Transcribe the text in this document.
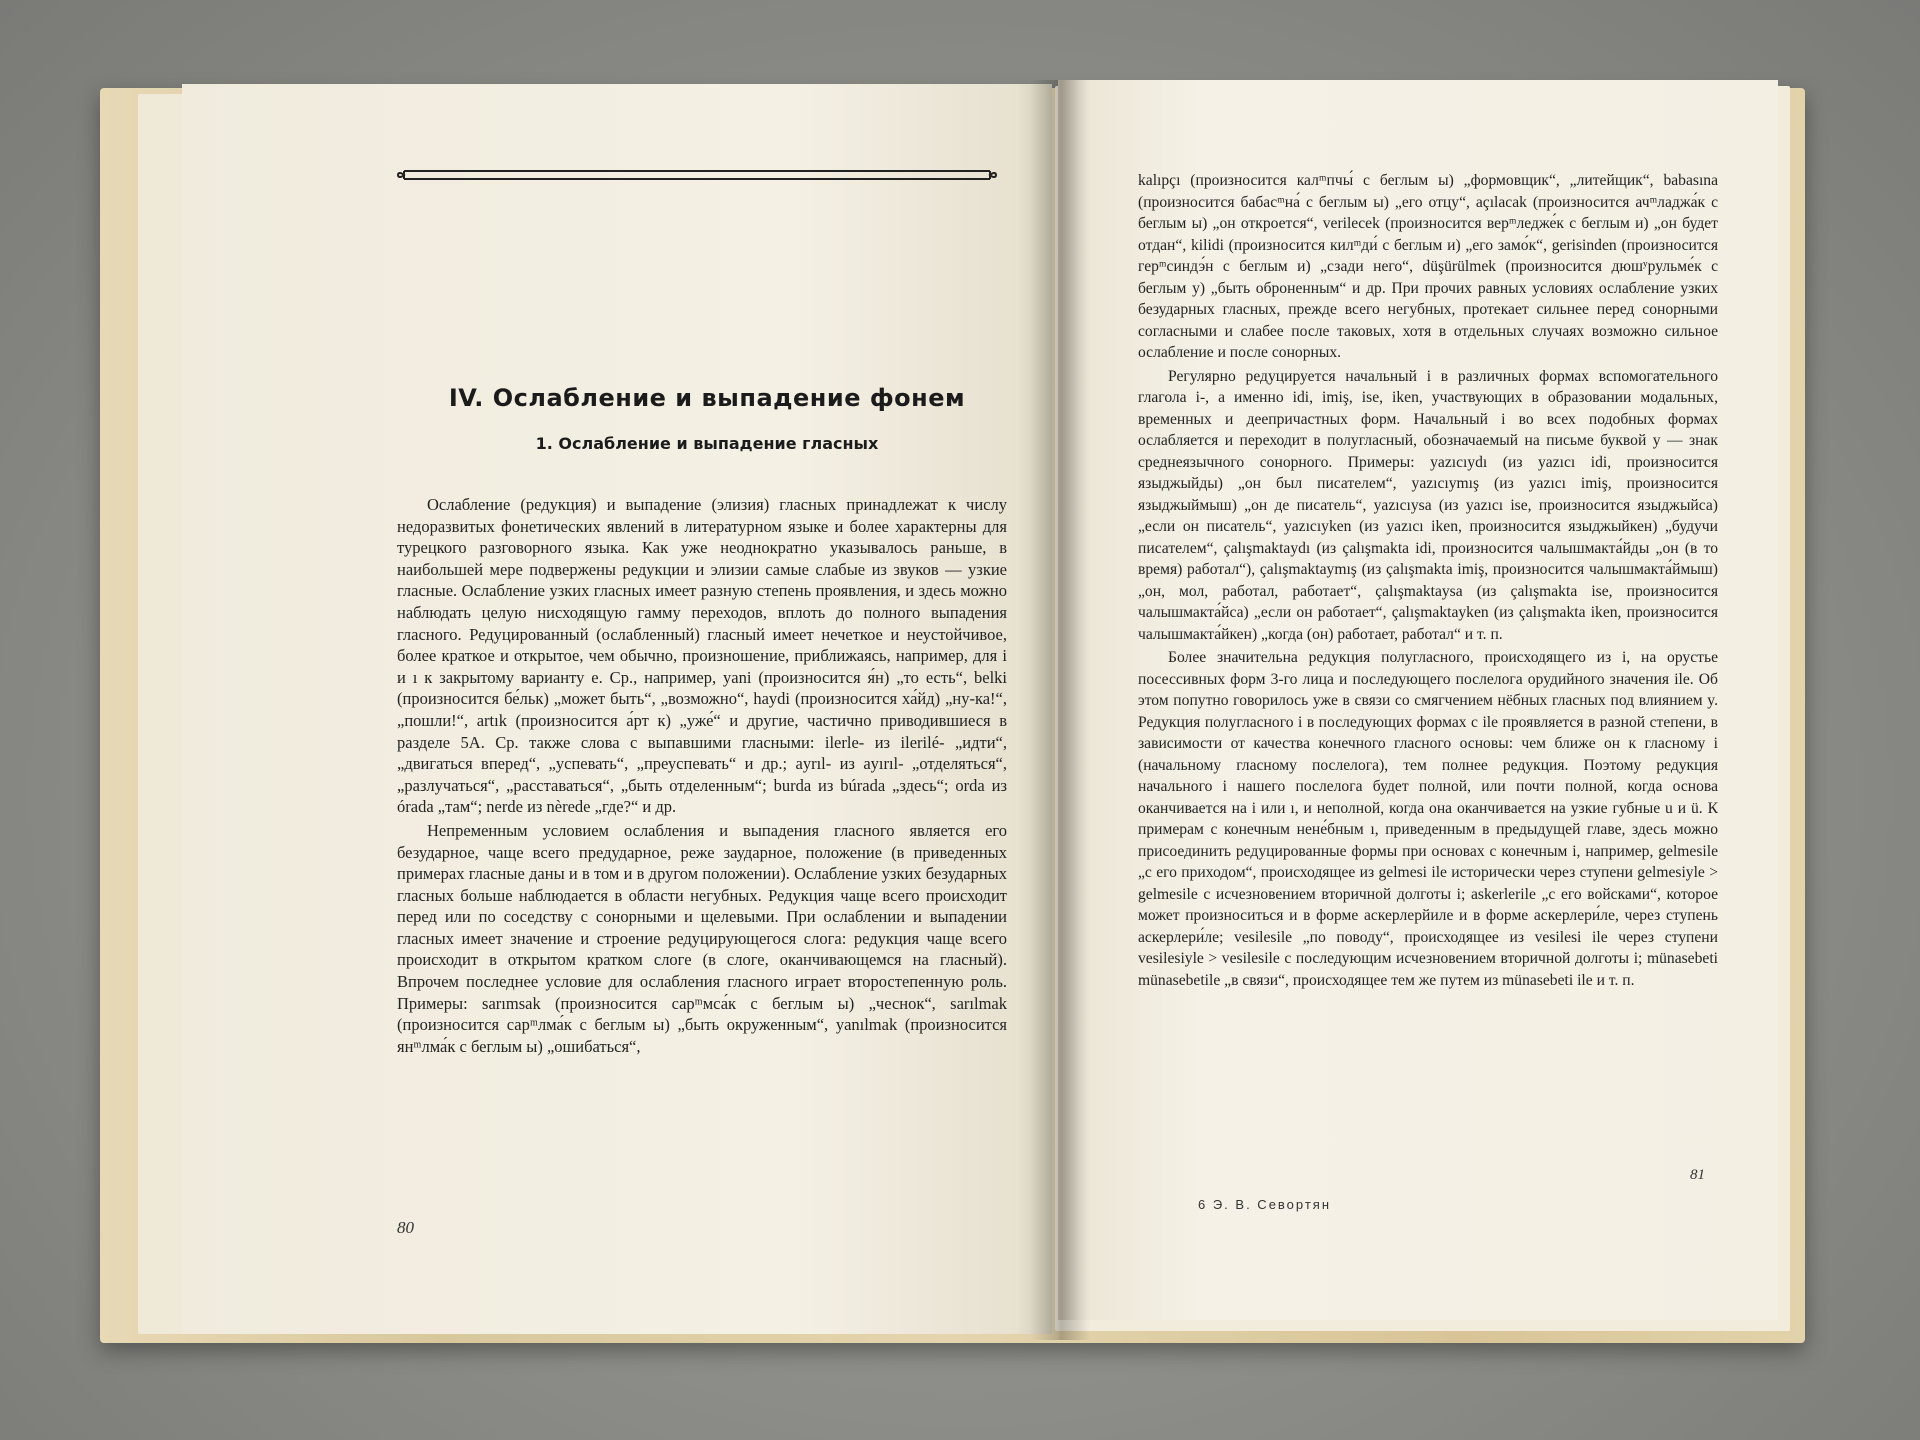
IV. Ослабление и выпадение фонем
1. Ослабление и выпадение гласных

Ослабление (редукция) и выпадение (элизия) гласных принадлежат к числу недоразвитых фонетических явлений в литературном языке и более характерны для турецкого разговорного языка. Как уже неоднократно указывалось раньше, в наибольшей мере подвержены редукции и элизии самые слабые из звуков — узкие гласные. Ослабление узких гласных имеет разную степень проявления, и здесь можно наблюдать целую нисходящую гамму переходов, вплоть до полного выпадения гласного. Редуцированный (ослабленный) гласный имеет нечеткое и неустойчивое, более краткое и открытое, чем обычно, произношение, приближаясь, например, для i и ı к закрытому варианту е. Ср., например, yani (произносится я́н) „то есть“, belki (произносится бе́льк) „может быть“, „возможно“, haydi (произносится ха́йд) „ну-ка!“, „пошли!“, artık (произносится а́рт к) „уже́“ и другие, частично приводившиеся в разделе 5А. Ср. также слова с выпавшими гласными: ilerle- из ilerilé- „идти“, „двигаться вперед“, „успевать“, „преуспевать“ и др.; ayrıl- из ayırıl- „отделяться“, „разлучаться“, „расставаться“, „быть отделенным“; burda из búrada „здесь“; orda из órada „там“; nerde из nèrede „где?“ и др.

Непременным условием ослабления и выпадения гласного является его безударное, чаще всего предударное, реже заударное, положение (в приведенных примерах гласные даны и в том и в другом положении). Ослабление узких безударных гласных больше наблюдается в области негубных. Редукция чаще всего происходит перед или по соседству с сонорными и щелевыми. При ослаблении и выпадении гласных имеет значение и строение редуцирующегося слога: редукция чаще всего происходит в открытом кратком слоге (в слоге, оканчивающемся на гласный). Впрочем последнее условие для ослабления гласного играет второстепенную роль. Примеры: sarımsak (произносится сарᵐмса́к с беглым ы) „чеснок“, sarılmak (произносится сарᵐлма́к с беглым ы) „быть окруженным“, yanılmak (произносится янᵐлма́к с беглым ы) „ошибаться“,

80

kalıpçı (произносится калᵐпчы́ с беглым ы) „формовщик“, „литейщик“, babasına (произносится бабасᵐна́ с беглым ы) „его отцу“, açılacak (произносится ачᵐладжа́к с беглым ы) „он откроется“, verilecek (произносится верᵐледже́к с беглым и) „он будет отдан“, kilidi (произносится килᵐди́ с беглым и) „его замо́к“, gerisinden (произносится герᵐсиндэ́н с беглым и) „сзади него“, düşürülmek (произносится дюшʸрульме́к с беглым у) „быть оброненным“ и др. При прочих равных условиях ослабление узких безударных гласных, прежде всего негубных, протекает сильнее перед сонорными согласными и слабее после таковых, хотя в отдельных случаях возможно сильное ослабление и после сонорных.

Регулярно редуцируется начальный i в различных формах вспомогательного глагола i-, а именно idi, imiş, ise, iken, участвующих в образовании модальных, временных и деепричастных форм. Начальный i во всех подобных формах ослабляется и переходит в полугласный, обозначаемый на письме буквой y — знак среднеязычного сонорного. Примеры: yazıcıydı (из yazıcı idi, произносится языджыйды) „он был писателем“, yazıcıymış (из yazıcı imiş, произносится языджыймыш) „он де писатель“, yazıcıysa (из yazıcı ise, произносится языджыйса) „если он писатель“, yazıcıyken (из yazıcı iken, произносится языджыйкен) „будучи писателем“, çalışmaktaydı (из çalışmakta idi, произносится чалышмакта́йды „он (в то время) работал“), çalışmaktaymış (из çalışmakta imiş, произносится чалышмакта́ймыш) „он, мол, работал, работает“, çalışmaktaysa (из çalışmakta ise, произносится чалышмакта́йса) „если он работает“, çalışmaktayken (из çalışmakta iken, произносится чалышмакта́йкен) „когда (он) работает, работал“ и т. п.

Более значительна редукция полугласного, происходящего из i, на орустье посессивных форм 3-го лица и последующего послелога орудийного значения ile. Об этом попутно говорилось уже в связи со смягчением нёбных гласных под влиянием y. Редукция полугласного i в последующих формах с ile проявляется в разной степени, в зависимости от качества конечного гласного основы: чем ближе он к гласному i (начальному гласному послелога), тем полнее редукция. Поэтому редукция начального i нашего послелога будет полной, или почти полной, когда основа оканчивается на i или ı, и неполной, когда она оканчивается на узкие губные u и ü. К примерам с конечным нене́бным ı, приведенным в предыдущей главе, здесь можно присоединить редуцированные формы при основах с конечным i, например, gelmesile „с его приходом“, происходящее из gelmesi ile исторически через ступени gelmesiyle > gelmesile с исчезновением вторичной долготы i; askerlerile „с его войсками“, которое может произноситься и в форме аскерлерйиле и в форме аскерлери́ле, через ступень аскерлери́ле; vesilesile „по поводу“, происходящее из vesilesi ile через ступени vesilesiyle > vesilesile с последующим исчезновением вторичной долготы i; münasebeti münasebetile „в связи“, происходящее тем же путем из münasebeti ile и т. п.

6 Э. В. Севортян
81
